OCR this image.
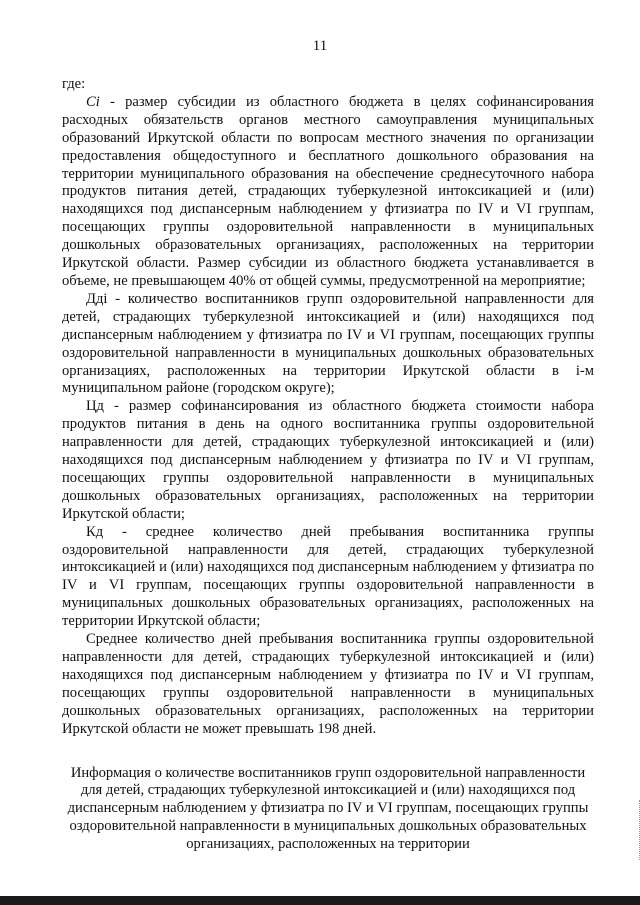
11

где:

Ci - размер субсидии из областного бюджета в целях софинансирования расходных обязательств органов местного самоуправления муниципальных образований Иркутской области по вопросам местного значения по организации предоставления общедоступного и бесплатного дошкольного образования на территории муниципального образования на обеспечение среднесуточного набора продуктов питания детей, страдающих туберкулезной интоксикацией и (или) находящихся под диспансерным наблюдением у фтизиатра по IV и VI группам, посещающих группы оздоровительной направленности в муниципальных дошкольных образовательных организациях, расположенных на территории Иркутской области. Размер субсидии из областного бюджета устанавливается в объеме, не превышающем 40% от общей суммы, предусмотренной на мероприятие;

Дді - количество воспитанников групп оздоровительной направленности для детей, страдающих туберкулезной интоксикацией и (или) находящихся под диспансерным наблюдением у фтизиатра по IV и VI группам, посещающих группы оздоровительной направленности в муниципальных дошкольных образовательных организациях, расположенных на территории Иркутской области в i-м муниципальном районе (городском округе);

Цд - размер софинансирования из областного бюджета стоимости набора продуктов питания в день на одного воспитанника группы оздоровительной направленности для детей, страдающих туберкулезной интоксикацией и (или) находящихся под диспансерным наблюдением у фтизиатра по IV и VI группам, посещающих группы оздоровительной направленности в муниципальных дошкольных образовательных организациях, расположенных на территории Иркутской области;

Кд - среднее количество дней пребывания воспитанника группы оздоровительной направленности для детей, страдающих туберкулезной интоксикацией и (или) находящихся под диспансерным наблюдением у фтизиатра по IV и VI группам, посещающих группы оздоровительной направленности в муниципальных дошкольных образовательных организациях, расположенных на территории Иркутской области;

Среднее количество дней пребывания воспитанника группы оздоровительной направленности для детей, страдающих туберкулезной интоксикацией и (или) находящихся под диспансерным наблюдением у фтизиатра по IV и VI группам, посещающих группы оздоровительной направленности в муниципальных дошкольных образовательных организациях, расположенных на территории Иркутской области не может превышать 198 дней.

Информация о количестве воспитанников групп оздоровительной направленности для детей, страдающих туберкулезной интоксикацией и (или) находящихся под диспансерным наблюдением у фтизиатра по IV и VI группам, посещающих группы оздоровительной направленности в муниципальных дошкольных образовательных организациях, расположенных на территории
